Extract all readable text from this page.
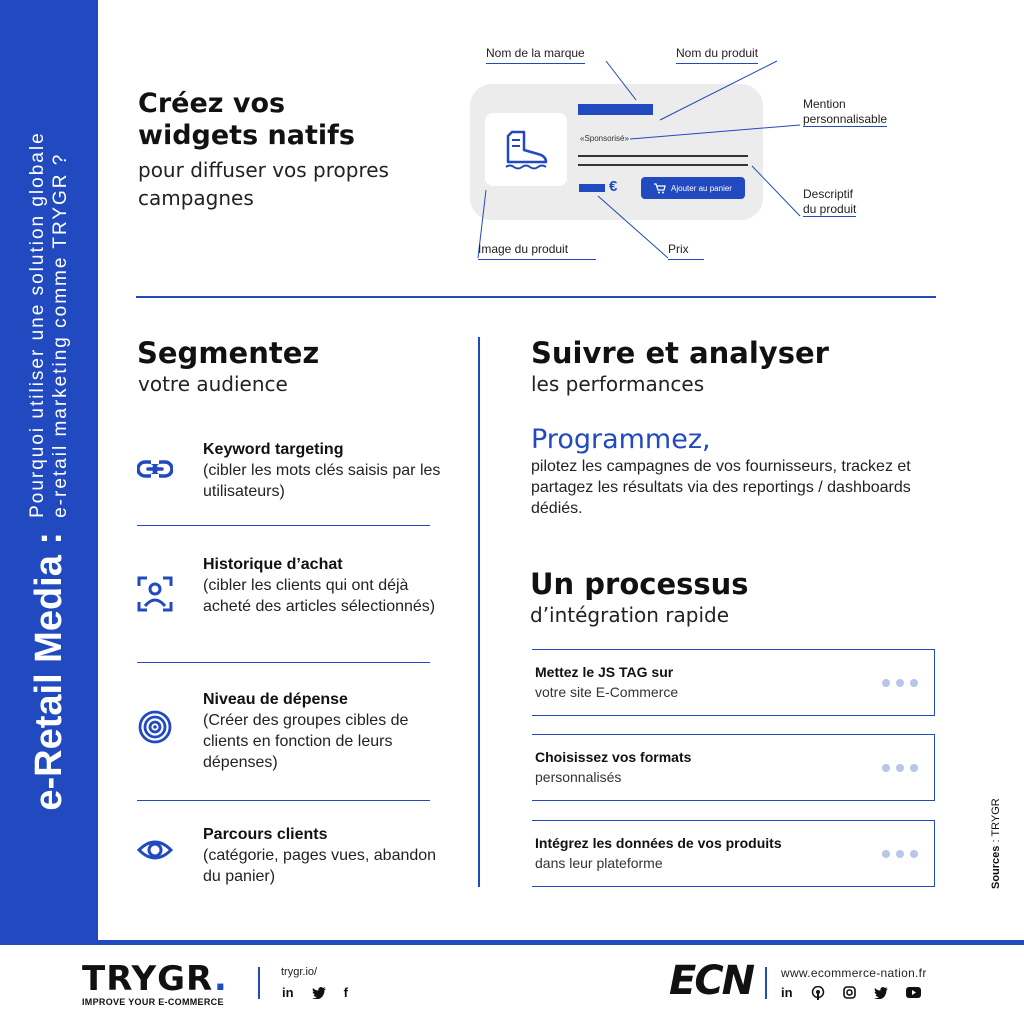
e-Retail Media :
Pourquoi utiliser une solution globale e-retail marketing comme TRYGR ?
Créez vos
widgets natifs
pour diffuser vos propres
campagnes
«Sponsorisé»
€	Ajouter au panier
Nom de la marque	Nom du produit
Mention
personnalisable
Descriptif
du produit
Image du produit	Prix
Segmentez
votre audience
Keyword targeting
(cibler les mots clés saisis par les utilisateurs)
Historique d’achat
(cibler les clients qui ont déjà acheté des articles sélectionnés)
Niveau de dépense
(Créer des groupes cibles de clients en fonction de leurs dépenses)
Parcours clients
(catégorie, pages vues, abandon du panier)
Suivre et analyser
les performances
Programmez,
pilotez les campagnes de vos fournisseurs, trackez et partagez les résultats via des reportings / dashboards dédiés.
Un processus
d’intégration rapide
Mettez le JS TAG sur
votre site E-Commerce
Choisissez vos formats
personnalisés
Intégrez les données de vos produits
dans leur plateforme	Sources : TRYGR
TRYGR.
IMPROVE YOUR E-COMMERCE
trygr.io/
in	f	ECN www.ecommerce-nation.fr
in
